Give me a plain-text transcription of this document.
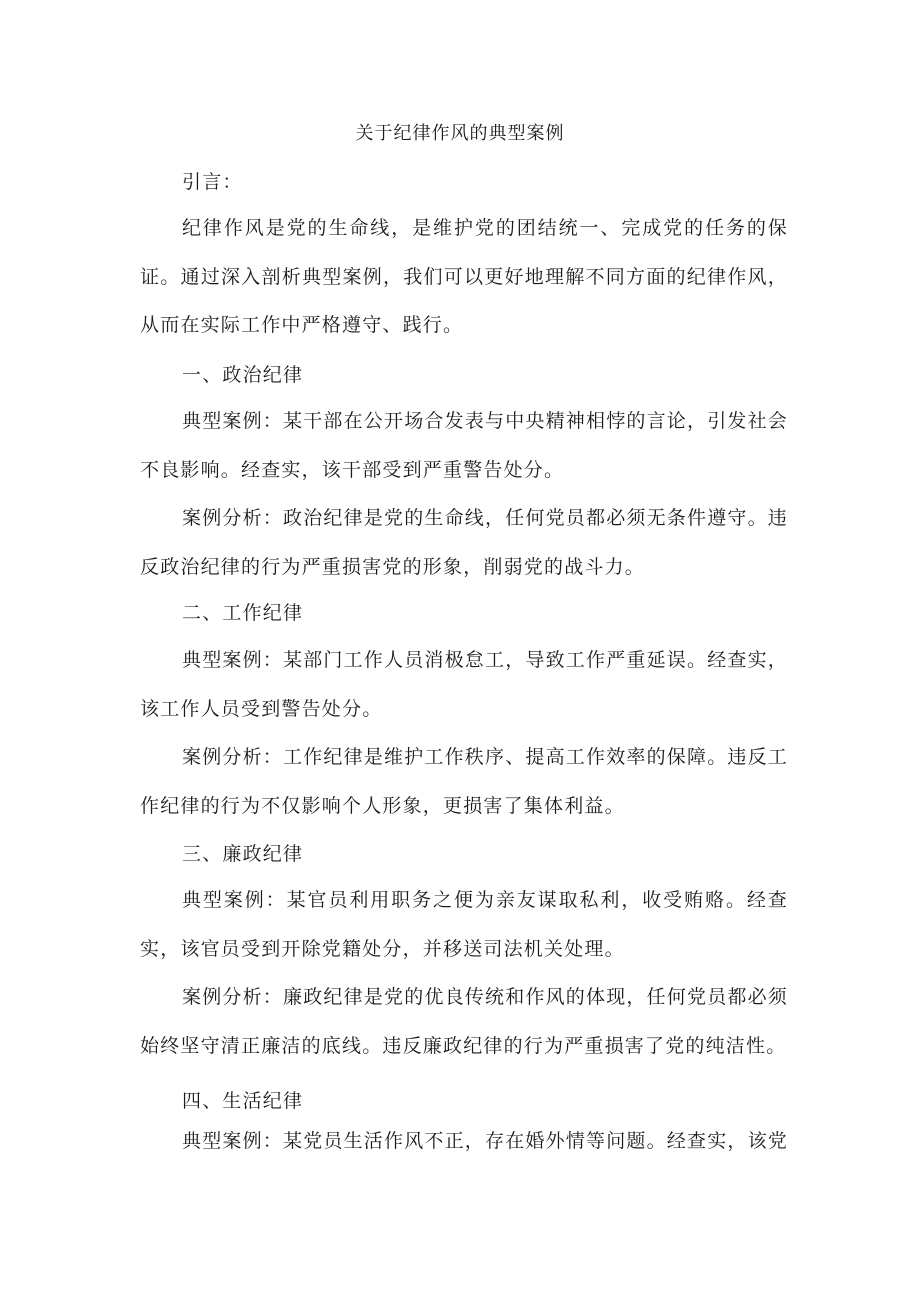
关于纪律作风的典型案例

引言：

纪律作风是党的生命线，是维护党的团结统一、完成党的任务的保证。通过深入剖析典型案例，我们可以更好地理解不同方面的纪律作风，从而在实际工作中严格遵守、践行。

一、政治纪律

典型案例：某干部在公开场合发表与中央精神相悖的言论，引发社会不良影响。经查实，该干部受到严重警告处分。

案例分析：政治纪律是党的生命线，任何党员都必须无条件遵守。违反政治纪律的行为严重损害党的形象，削弱党的战斗力。

二、工作纪律

典型案例：某部门工作人员消极怠工，导致工作严重延误。经查实，该工作人员受到警告处分。

案例分析：工作纪律是维护工作秩序、提高工作效率的保障。违反工作纪律的行为不仅影响个人形象，更损害了集体利益。

三、廉政纪律

典型案例：某官员利用职务之便为亲友谋取私利，收受贿赂。经查实，该官员受到开除党籍处分，并移送司法机关处理。

案例分析：廉政纪律是党的优良传统和作风的体现，任何党员都必须始终坚守清正廉洁的底线。违反廉政纪律的行为严重损害了党的纯洁性。

四、生活纪律

典型案例：某党员生活作风不正，存在婚外情等问题。经查实，该党
